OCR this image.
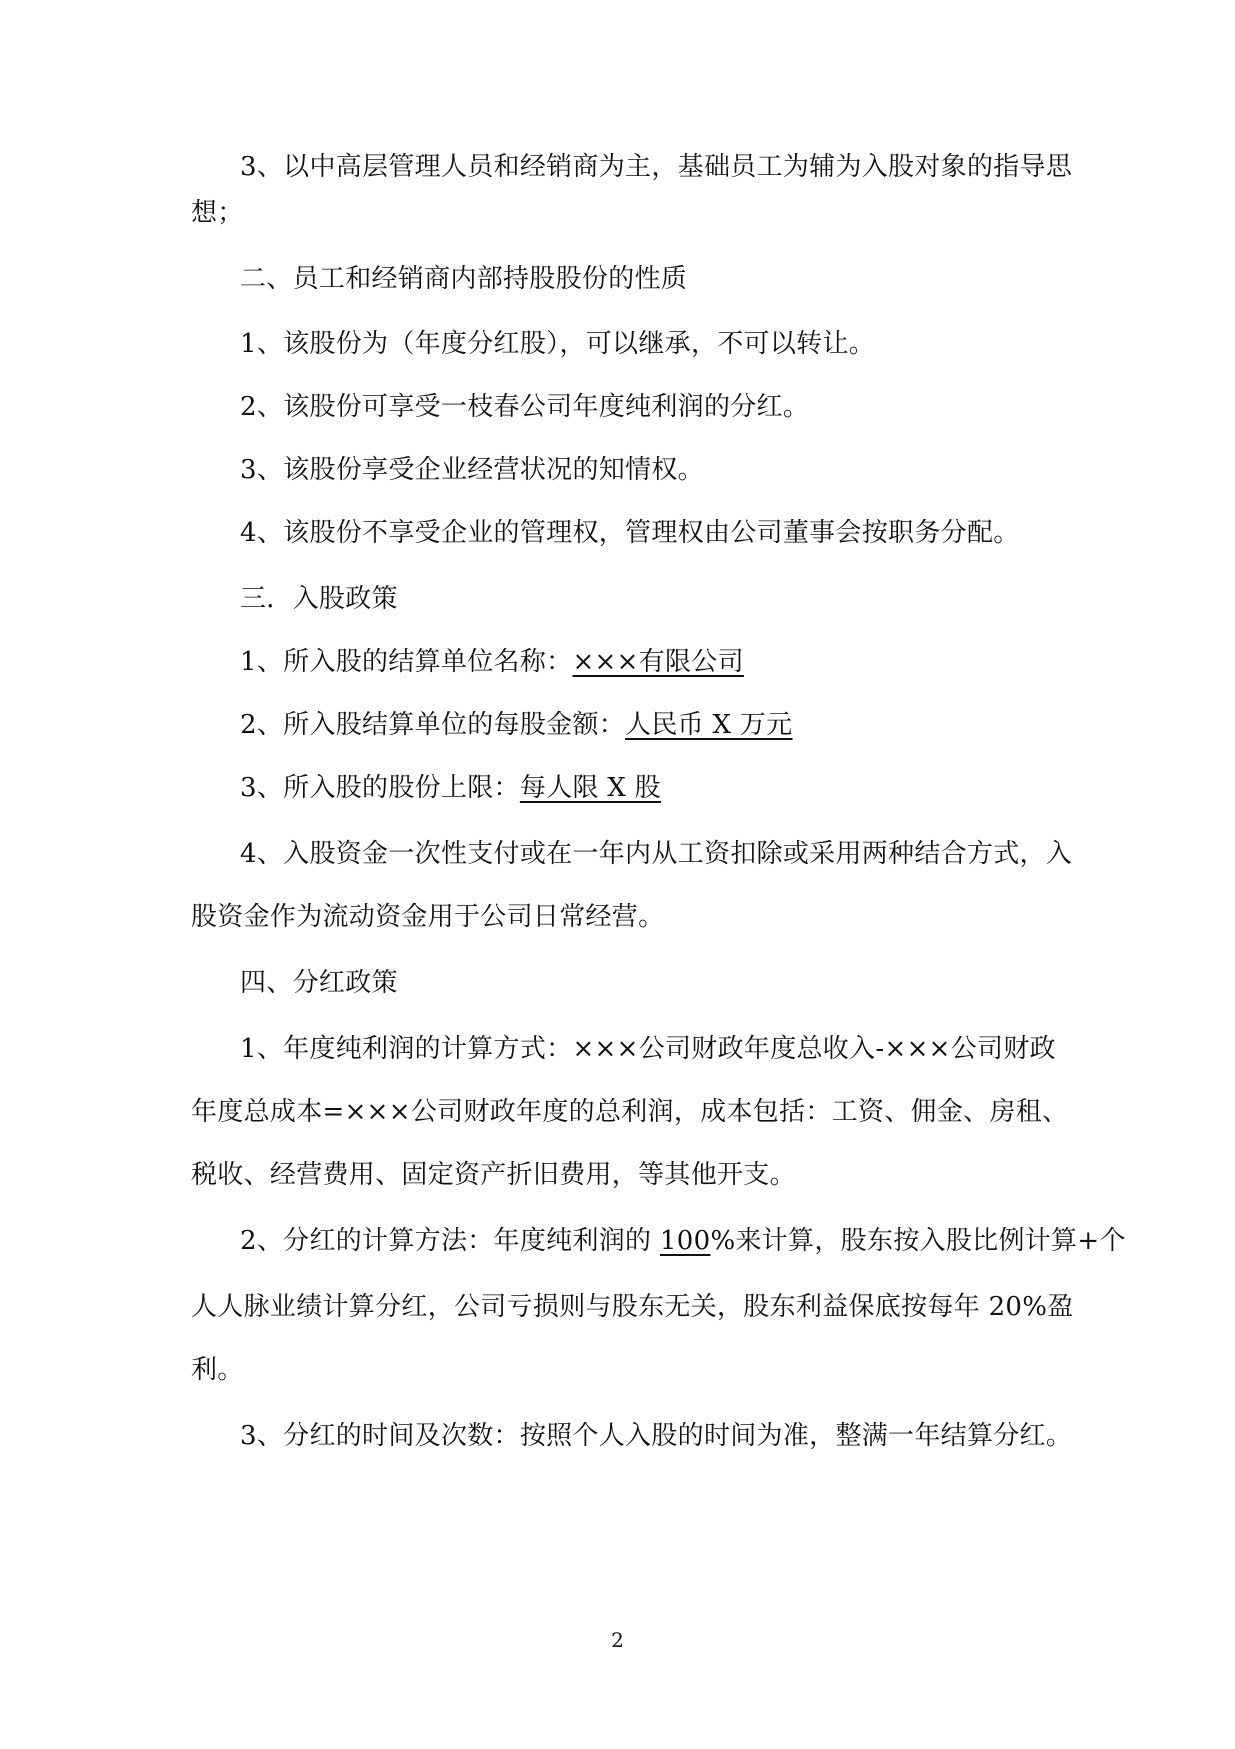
3、以中高层管理人员和经销商为主，基础员工为辅为入股对象的指导思
想；
二、员工和经销商内部持股股份的性质
1、该股份为（年度分红股），可以继承，不可以转让。
2、该股份可享受一枝春公司年度纯利润的分红。
3、该股份享受企业经营状况的知情权。
4、该股份不享受企业的管理权，管理权由公司董事会按职务分配。
三．入股政策
1、所入股的结算单位名称：×××有限公司
2、所入股结算单位的每股金额：人民币 X 万元
3、所入股的股份上限：每人限 X 股
4、入股资金一次性支付或在一年内从工资扣除或采用两种结合方式，入
股资金作为流动资金用于公司日常经营。
四、分红政策
1、年度纯利润的计算方式：×××公司财政年度总收入-×××公司财政
年度总成本=×××公司财政年度的总利润，成本包括：工资、佣金、房租、
税收、经营费用、固定资产折旧费用，等其他开支。
2、分红的计算方法：年度纯利润的 100%来计算，股东按入股比例计算+个
人人脉业绩计算分红，公司亏损则与股东无关，股东利益保底按每年 20%盈
利。
3、分红的时间及次数：按照个人入股的时间为准，整满一年结算分红。
2
